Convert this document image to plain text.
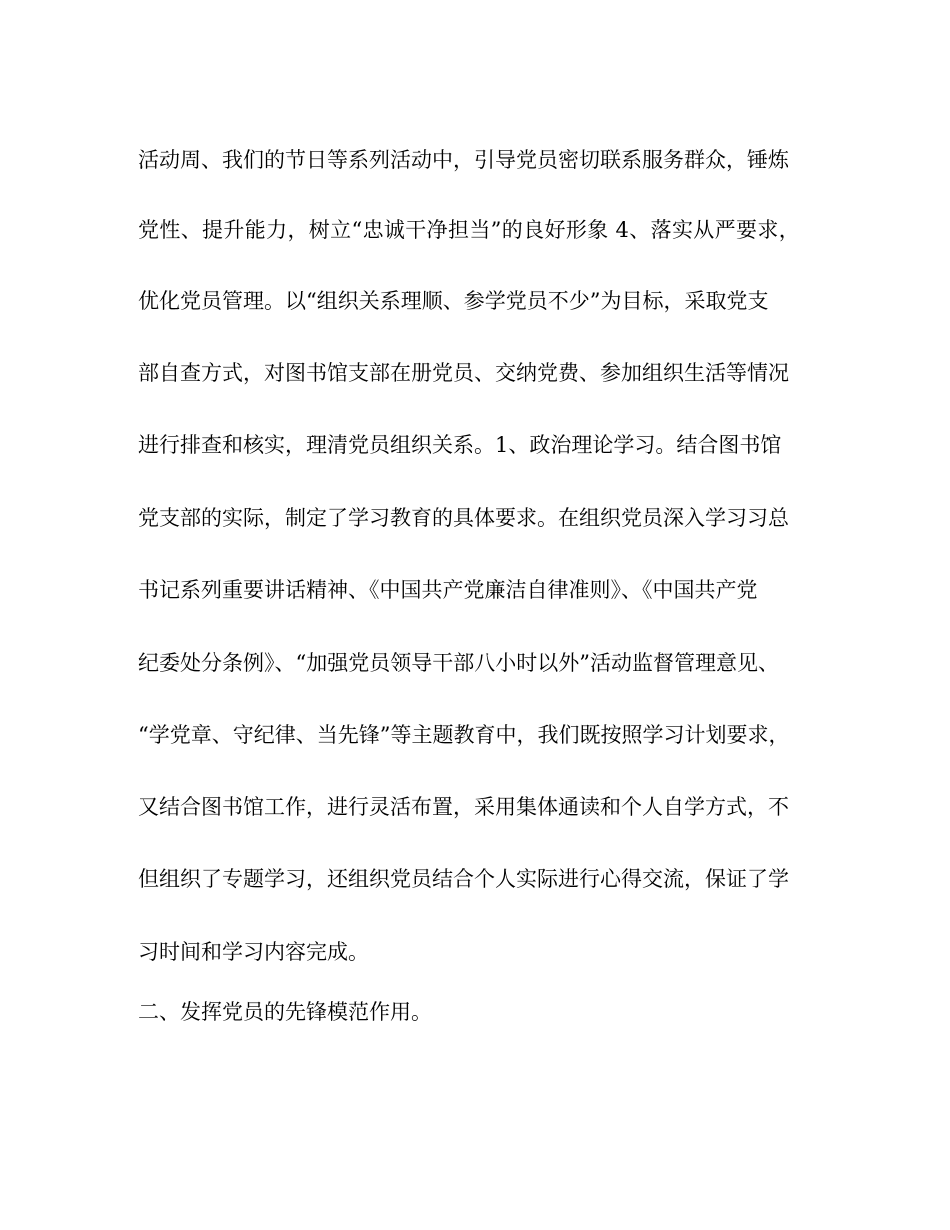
活动周、我们的节日等系列活动中，引导党员密切联系服务群众，锤炼
党性、提升能力，树立“忠诚干净担当”的良好形象 4、落实从严要求，
优化党员管理。以“组织关系理顺、参学党员不少”为目标，采取党支
部自查方式，对图书馆支部在册党员、交纳党费、参加组织生活等情况
进行排查和核实，理清党员组织关系。1、政治理论学习。结合图书馆
党支部的实际，制定了学习教育的具体要求。在组织党员深入学习习总
书记系列重要讲话精神、《中国共产党廉洁自律准则》、《中国共产党
纪委处分条例》、“加强党员领导干部八小时以外”活动监督管理意见、
“学党章、守纪律、当先锋”等主题教育中，我们既按照学习计划要求，
又结合图书馆工作，进行灵活布置，采用集体通读和个人自学方式，不
但组织了专题学习，还组织党员结合个人实际进行心得交流，保证了学
习时间和学习内容完成。
二、发挥党员的先锋模范作用。
